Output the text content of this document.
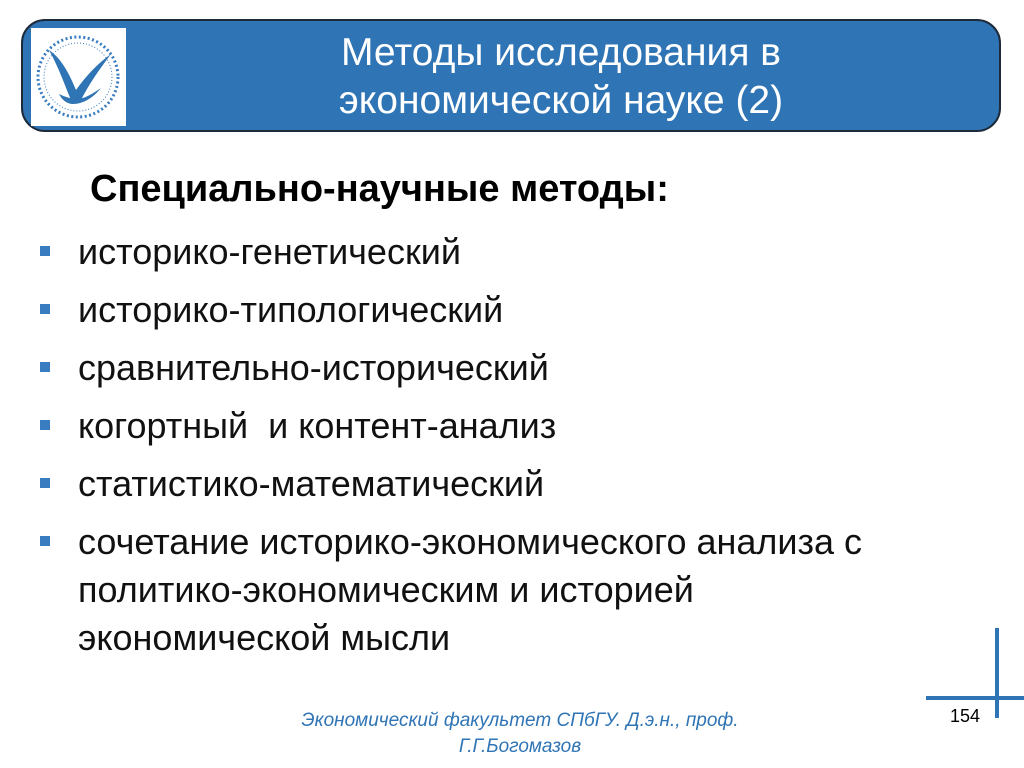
Методы исследования в
экономической науке (2)
Специально-научные методы:
историко-генетический
историко-типологический
сравнительно-исторический
когортный  и контент-анализ
статистико-математический
сочетание историко-экономического анализа с
политико-экономическим и историей
экономической мысли
154
Экономический факультет СПбГУ. Д.э.н., проф.
Г.Г.Богомазов
